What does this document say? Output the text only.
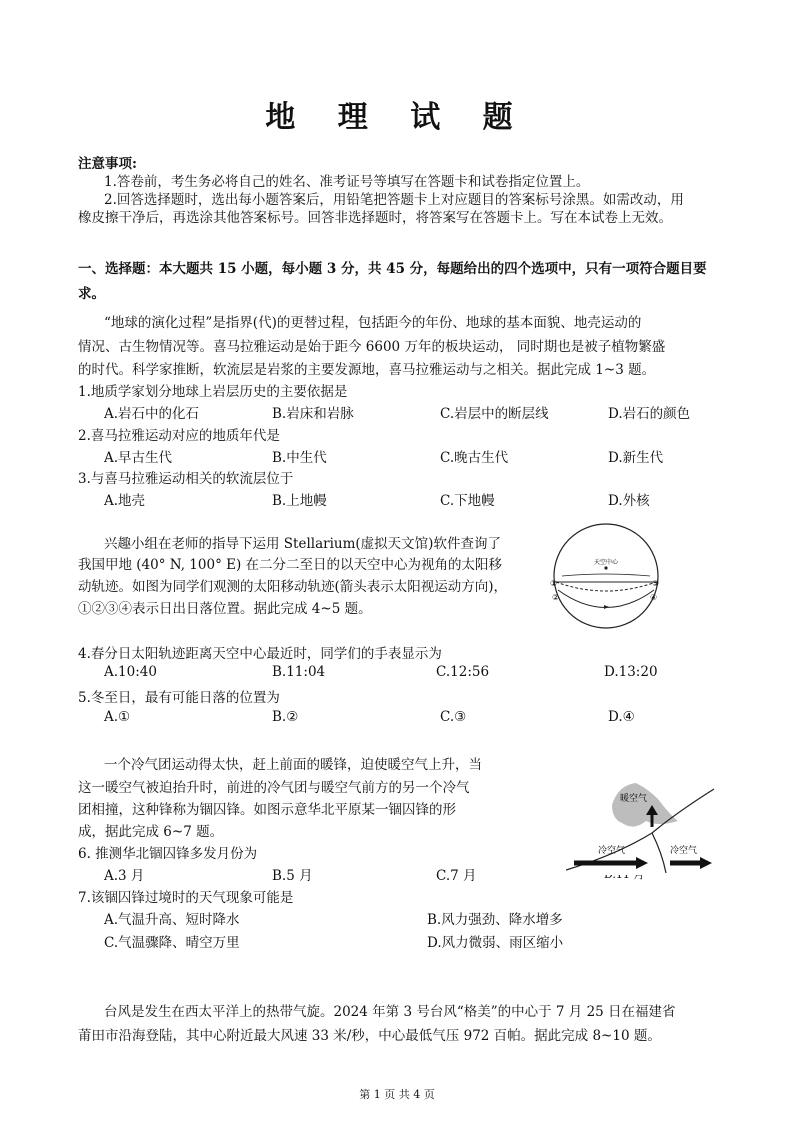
地 理 试 题
注意事项:
1.答卷前，考生务必将自己的姓名、准考证号等填写在答题卡和试卷指定位置上。
2.回答选择题时，选出每小题答案后，用铅笔把答题卡上对应题目的答案标号涂黑。如需改动，用
橡皮擦干净后，再选涂其他答案标号。回答非选择题时，将答案写在答题卡上。写在本试卷上无效。
一、选择题：本大题共 15 小题，每小题 3 分，共 45 分，每题给出的四个选项中，只有一项符合题目要
求。
“地球的演化过程”是指界(代)的更替过程，包括距今的年份、地球的基本面貌、地壳运动的
情况、古生物情况等。喜马拉雅运动是始于距今 6600 万年的板块运动， 同时期也是被子植物繁盛
的时代。科学家推断，软流层是岩浆的主要发源地，喜马拉雅运动与之相关。据此完成 1~3 题。
1.地质学家划分地球上岩层历史的主要依据是
A.岩石中的化石	B.岩床和岩脉	C.岩层中的断层线	D.岩石的颜色
2.喜马拉雅运动对应的地质年代是
A.早古生代	B.中生代	C.晚古生代	D.新生代
3.与喜马拉雅运动相关的软流层位于
A.地壳	B.上地幔	C.下地幔	D.外核
兴趣小组在老师的指导下运用 Stellarium(虚拟天文馆)软件查询了
我国甲地 (40° N, 100° E) 在二分二至日的以天空中心为视角的太阳移
动轨迹。如图为同学们观测的太阳移动轨迹(箭头表示太阳视运动方向)，
①②③④表示日出日落位置。据此完成 4~5 题。
天空中心
①
②
③
④
4.春分日太阳轨迹距离天空中心最近时，同学们的手表显示为
A.10:40	B.11:04	C.12:56	D.13:20
5.冬至日，最有可能日落的位置为
A.①	B.②	C.③	D.④
一个冷气团运动得太快，赶上前面的暖锋，迫使暖空气上升，当
这一暖空气被迫抬升时，前进的冷气团与暖空气前方的另一个冷气
团相撞，这种锋称为锢囚锋。如图示意华北平原某一锢囚锋的形
成，据此完成 6~7 题。
6. 推测华北锢囚锋多发月份为
A.3 月	B.5 月	C.7 月
暖空气
冷空气	冷空气
7.该锢囚锋过境时的天气现象可能是
A.气温升高、短时降水	B.风力强劲、降水增多
C.气温骤降、晴空万里	D.风力微弱、雨区缩小
台风是发生在西太平洋上的热带气旋。2024 年第 3 号台风“格美”的中心于 7 月 25 日在福建省
莆田市沿海登陆，其中心附近最大风速 33 米/秒，中心最低气压 972 百帕。据此完成 8~10 题。
第 1 页 共 4 页
